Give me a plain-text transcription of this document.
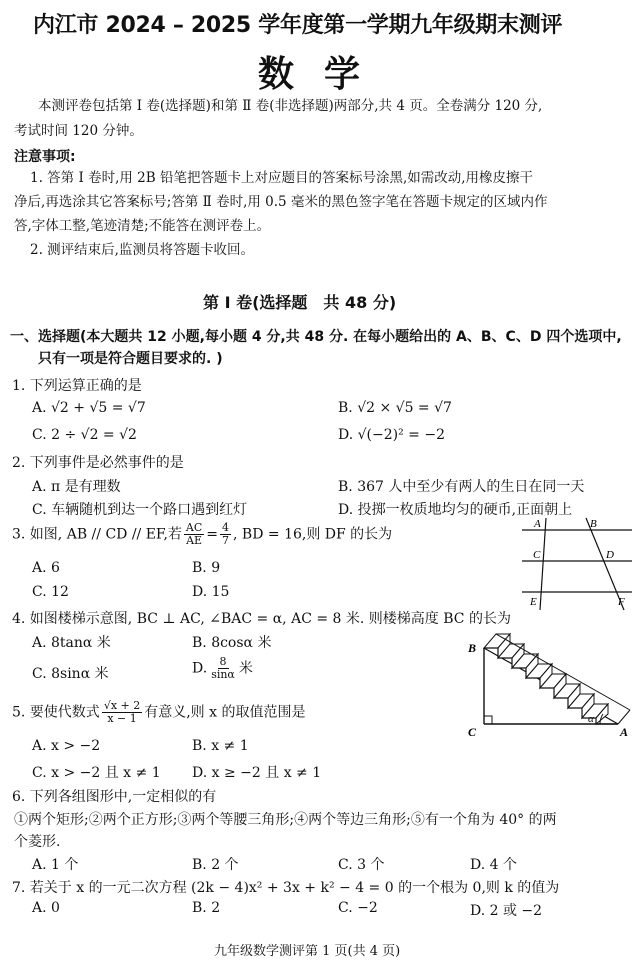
内江市 2024 – 2025 学年度第一学期九年级期末测评
数学
本测评卷包括第 Ⅰ 卷(选择题)和第 Ⅱ 卷(非选择题)两部分,共 4 页。全卷满分 120 分,
考试时间 120 分钟。
注意事项:
1. 答第 Ⅰ 卷时,用 2B 铅笔把答题卡上对应题目的答案标号涂黑,如需改动,用橡皮擦干
净后,再选涂其它答案标号;答第 Ⅱ 卷时,用 0.5 毫米的黑色签字笔在答题卡规定的区域内作
答,字体工整,笔迹清楚;不能答在测评卷上。
2. 测评结束后,监测员将答题卡收回。
第 Ⅰ 卷(选择题　共 48 分)
一、选择题(本大题共 12 小题,每小题 4 分,共 48 分. 在每小题给出的 A、B、C、D 四个选项中,
只有一项是符合题目要求的. )
1. 下列运算正确的是
A. √2 + √5 = √7	B. √2 × √5 = √7
C. 2 ÷ √2 = √2	D. √(−2)² = −2
2. 下列事件是必然事件的是
A. π 是有理数	B. 367 人中至少有两人的生日在同一天
C. 车辆随机到达一个路口遇到红灯	D. 投掷一枚质地均匀的硬币,正面朝上
3. 如图, AB // CD // EF,若 $\frac{AC}{AE} = \frac{4}{7}$ , BD = 16,则 DF 的长为
A. 6	B. 9
C. 12	D. 15
A	B
C	D
E	F
4. 如图楼梯示意图, BC ⊥ AC, ∠BAC = α, AC = 8 米. 则楼梯高度 BC 的长为
A. 8tanα 米	B. 8cosα 米
C. 8sinα 米	D. $\frac{8}{\sin\alpha}$ 米
B
C	A
α
5. 要使代数式 $\frac{√x + 2}{x - 1}$ 有意义,则 x 的取值范围是
A. x > −2	B. x ≠ 1
C. x > −2 且 x ≠ 1 D. x ≥ −2 且 x ≠ 1
6. 下列各组图形中,一定相似的有
①两个矩形;②两个正方形;③两个等腰三角形;④两个等边三角形;⑤有一个角为 40° 的两
个菱形.
A. 1 个	B. 2 个	C. 3 个	D. 4 个
7. 若关于 x 的一元二次方程 (2k − 4)x² + 3x + k² − 4 = 0 的一个根为 0,则 k 的值为
A. 0	B. 2	C. −2	D. 2 或 −2
九年级数学测评第 1 页(共 4 页)
